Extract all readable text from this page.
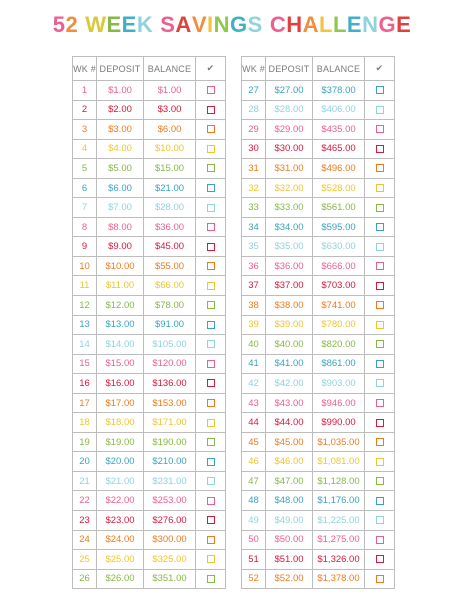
52 WEEK SAVINGS CHALLENGE
WK #	DEPOSIT	BALANCE	✔
1	$1.00	$1.00	
2	$2.00	$3.00	
3	$3.00	$6.00	
4	$4.00	$10.00	
5	$5.00	$15.00	
6	$6.00	$21.00	
7	$7.00	$28.00	
8	$8.00	$36.00	
9	$9.00	$45.00	
10	$10.00	$55.00	
11	$11.00	$66.00	
12	$12.00	$78.00	
13	$13.00	$91.00	
14	$14.00	$105.00	
15	$15.00	$120.00	
16	$16.00	$136.00	
17	$17.00	$153.00	
18	$18.00	$171.00	
19	$19.00	$190.00	
20	$20.00	$210.00	
21	$21.00	$231.00	
22	$22.00	$253.00	
23	$23.00	$276.00	
24	$24.00	$300.00	
25	$25.00	$325.00	
26	$26.00	$351.00	
WK #	DEPOSIT	BALANCE	✔
27	$27.00	$378.00	
28	$28.00	$406.00	
29	$29.00	$435.00	
30	$30.00	$465.00	
31	$31.00	$496.00	
32	$32.00	$528.00	
33	$33.00	$561.00	
34	$34.00	$595.00	
35	$35.00	$630.00	
36	$36.00	$666.00	
37	$37.00	$703.00	
38	$38.00	$741.00	
39	$39.00	$780.00	
40	$40.00	$820.00	
41	$41.00	$861.00	
42	$42.00	$903.00	
43	$43.00	$946.00	
44	$44.00	$990.00	
45	$45.00	$1,035.00	
46	$46.00	$1,081.00	
47	$47.00	$1,128.00	
48	$48.00	$1,176.00	
49	$49.00	$1,225.00	
50	$50.00	$1,275.00	
51	$51.00	$1,326.00	
52	$52.00	$1,378.00	
